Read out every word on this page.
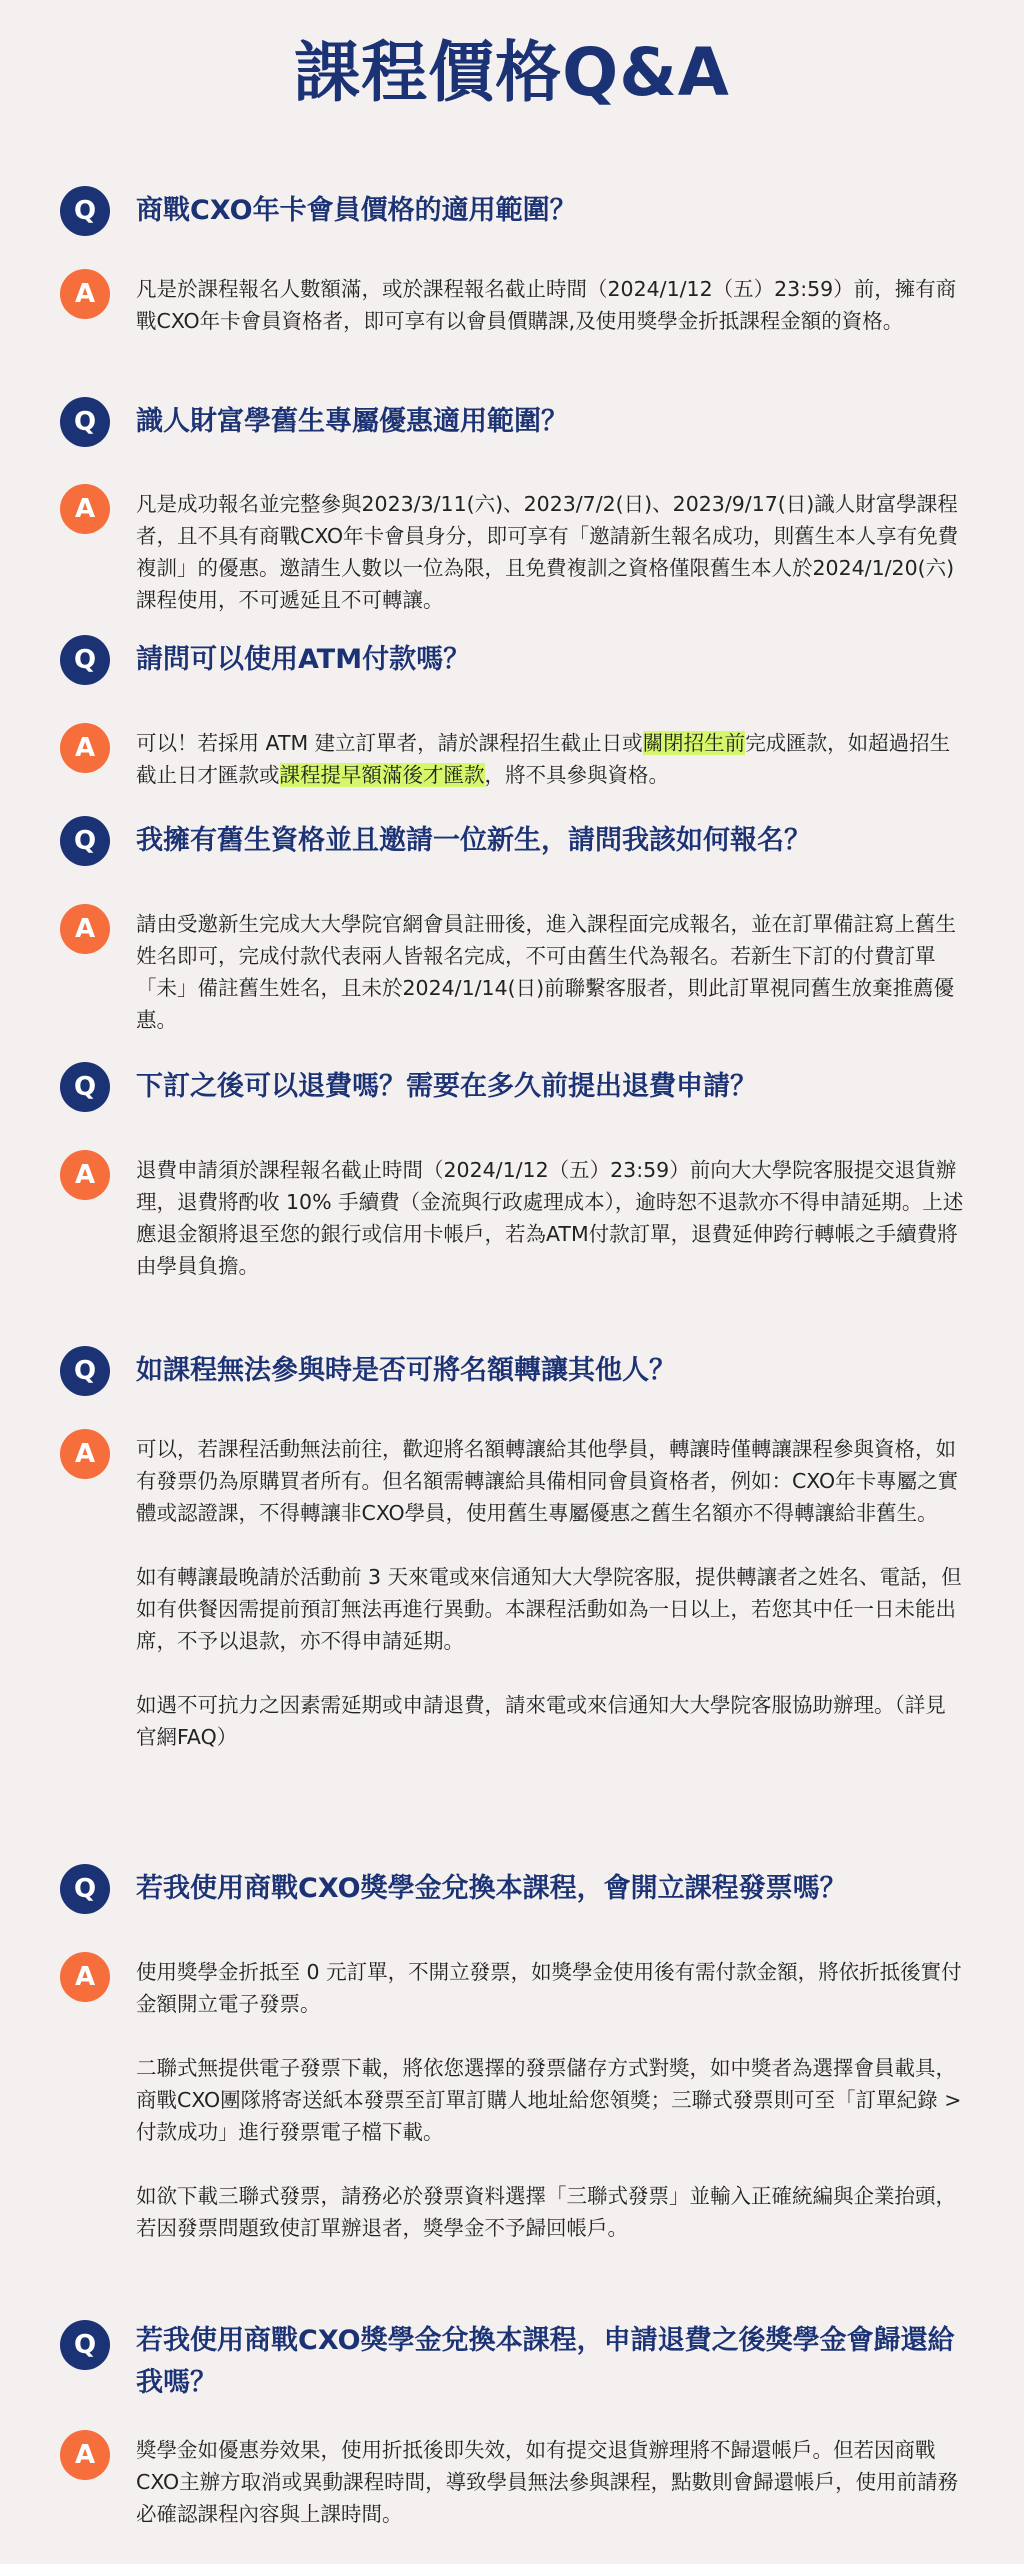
課程價格Q&A
Q	商戰CXO年卡會員價格的適用範圍？
A	凡是於課程報名人數額滿，或於課程報名截止時間（2024/1/12（五）23:59）前，擁有商戰CXO年卡會員資格者，即可享有以會員價購課,及使用獎學金折抵課程金額的資格。

Q	識人財富學舊生專屬優惠適用範圍？
A	凡是成功報名並完整參與2023/3/11(六)、2023/7/2(日)、2023/9/17(日)識人財富學課程者，且不具有商戰CXO年卡會員身分，即可享有「邀請新生報名成功，則舊生本人享有免費複訓」的優惠。邀請生人數以一位為限，且免費複訓之資格僅限舊生本人於2024/1/20(六)課程使用，不可遞延且不可轉讓。

Q	請問可以使用ATM付款嗎？
A	可以！若採用 ATM 建立訂單者，請於課程招生截止日或關閉招生前完成匯款，如超過招生截止日才匯款或課程提早額滿後才匯款，將不具參與資格。

Q	我擁有舊生資格並且邀請一位新生，請問我該如何報名？
A	請由受邀新生完成大大學院官網會員註冊後，進入課程面完成報名，並在訂單備註寫上舊生姓名即可，完成付款代表兩人皆報名完成，不可由舊生代為報名。若新生下訂的付費訂單「未」備註舊生姓名，且未於2024/1/14(日)前聯繫客服者，則此訂單視同舊生放棄推薦優惠。

Q	下訂之後可以退費嗎？需要在多久前提出退費申請？
A	退費申請須於課程報名截止時間（2024/1/12（五）23:59）前向大大學院客服提交退貨辦理，退費將酌收 10% 手續費（金流與行政處理成本），逾時恕不退款亦不得申請延期。上述應退金額將退至您的銀行或信用卡帳戶，若為ATM付款訂單，退費延伸跨行轉帳之手續費將由學員負擔。

Q	如課程無法參與時是否可將名額轉讓其他人？
A	可以，若課程活動無法前往，歡迎將名額轉讓給其他學員，轉讓時僅轉讓課程參與資格，如有發票仍為原購買者所有。但名額需轉讓給具備相同會員資格者，例如：CXO年卡專屬之實體或認證課，不得轉讓非CXO學員，使用舊生專屬優惠之舊生名額亦不得轉讓給非舊生。

如有轉讓最晚請於活動前 3 天來電或來信通知大大學院客服，提供轉讓者之姓名、電話，但如有供餐因需提前預訂無法再進行異動。本課程活動如為一日以上，若您其中任一日未能出席，不予以退款，亦不得申請延期。

如遇不可抗力之因素需延期或申請退費，請來電或來信通知大大學院客服協助辦理。（詳見官網FAQ）

Q	若我使用商戰CXO獎學金兌換本課程，會開立課程發票嗎？
A	使用獎學金折抵至 0 元訂單，不開立發票，如獎學金使用後有需付款金額，將依折抵後實付金額開立電子發票。

二聯式無提供電子發票下載，將依您選擇的發票儲存方式對獎，如中獎者為選擇會員載具，商戰CXO團隊將寄送紙本發票至訂單訂購人地址給您領獎；三聯式發票則可至「訂單紀錄 > 付款成功」進行發票電子檔下載。

如欲下載三聯式發票，請務必於發票資料選擇「三聯式發票」並輸入正確統編與企業抬頭，若因發票問題致使訂單辦退者，獎學金不予歸回帳戶。

Q	若我使用商戰CXO獎學金兌換本課程，申請退費之後獎學金會歸還給我嗎？
A	獎學金如優惠券效果，使用折抵後即失效，如有提交退貨辦理將不歸還帳戶。但若因商戰CXO主辦方取消或異動課程時間，導致學員無法參與課程，點數則會歸還帳戶，使用前請務必確認課程內容與上課時間。
